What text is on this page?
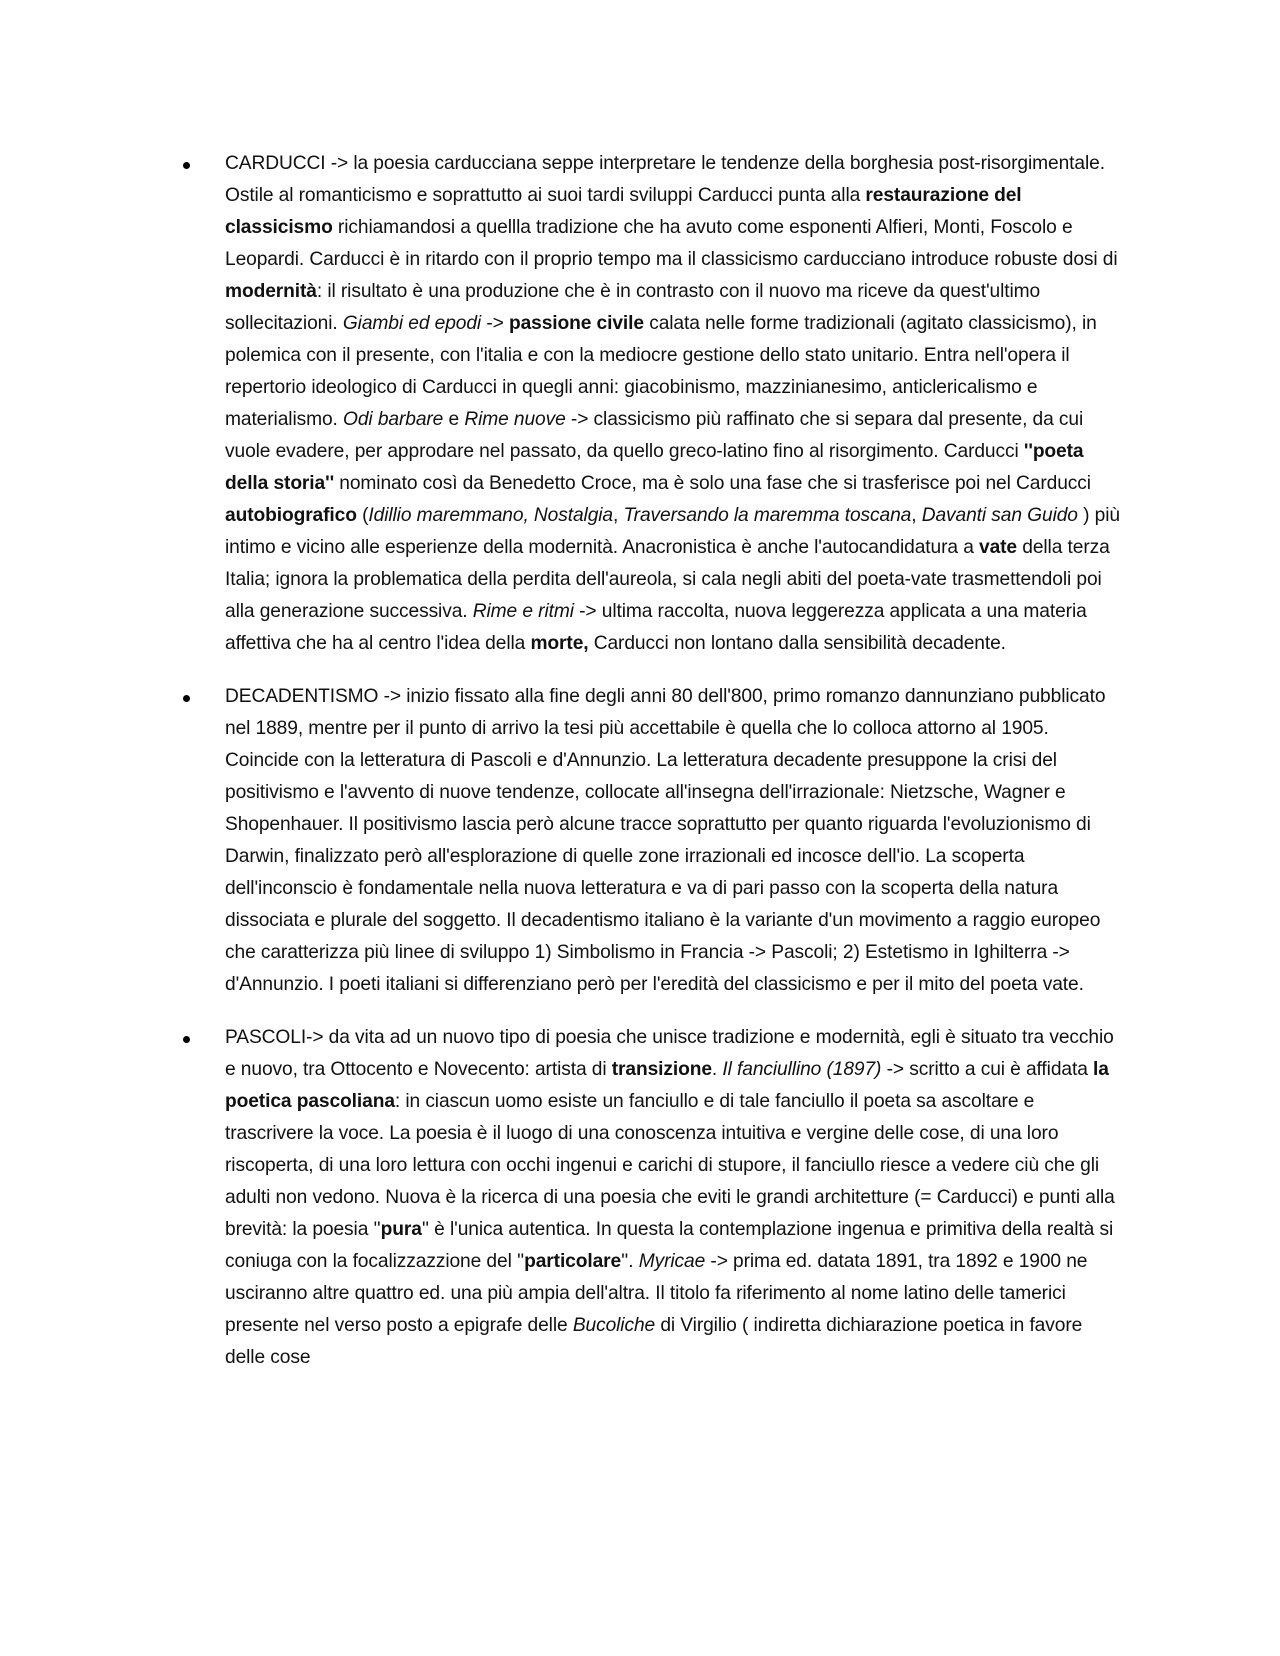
CARDUCCI -> la poesia carducciana seppe interpretare le tendenze della borghesia post-risorgimentale. Ostile al romanticismo e soprattutto ai suoi tardi sviluppi Carducci punta alla restaurazione del classicismo richiamandosi a quellla tradizione che ha avuto come esponenti Alfieri, Monti, Foscolo e Leopardi. Carducci è in ritardo con il proprio tempo ma il classicismo carducciano introduce robuste dosi di modernità: il risultato è una produzione che è in contrasto con il nuovo ma riceve da quest'ultimo sollecitazioni. Giambi ed epodi -> passione civile calata nelle forme tradizionali (agitato classicismo), in polemica con il presente, con l'italia e con la mediocre gestione dello stato unitario. Entra nell'opera il repertorio ideologico di Carducci in quegli anni: giacobinismo, mazzinianesimo, anticlericalismo e materialismo. Odi barbare e Rime nuove -> classicismo più raffinato che si separa dal presente, da cui vuole evadere, per approdare nel passato, da quello greco-latino fino al risorgimento. Carducci ''poeta della storia'' nominato così da Benedetto Croce, ma è solo una fase che si trasferisce poi nel Carducci autobiografico (Idillio maremmano, Nostalgia, Traversando la maremma toscana, Davanti san Guido ) più intimo e vicino alle esperienze della modernità. Anacronistica è anche l'autocandidatura a vate della terza Italia; ignora la problematica della perdita dell'aureola, si cala negli abiti del poeta-vate trasmettendoli poi alla generazione successiva. Rime e ritmi -> ultima raccolta, nuova leggerezza applicata a una materia affettiva che ha al centro l'idea della morte, Carducci non lontano dalla sensibilità decadente.
DECADENTISMO -> inizio fissato alla fine degli anni 80 dell'800, primo romanzo dannunziano pubblicato nel 1889, mentre per il punto di arrivo la tesi più accettabile è quella che lo colloca attorno al 1905. Coincide con la letteratura di Pascoli e d'Annunzio. La letteratura decadente presuppone la crisi del positivismo e l'avvento di nuove tendenze, collocate all'insegna dell'irrazionale: Nietzsche, Wagner e Shopenhauer. Il positivismo lascia però alcune tracce soprattutto per quanto riguarda l'evoluzionismo di Darwin, finalizzato però all'esplorazione di quelle zone irrazionali ed incosce dell'io. La scoperta dell'inconscio è fondamentale nella nuova letteratura e va di pari passo con la scoperta della natura dissociata e plurale del soggetto. Il decadentismo italiano è la variante d'un movimento a raggio europeo che caratterizza più linee di sviluppo 1) Simbolismo in Francia -> Pascoli; 2) Estetismo in Ighilterra -> d'Annunzio. I poeti italiani si differenziano però per l'eredità del classicismo e per il mito del poeta vate.
PASCOLI-> da vita ad un nuovo tipo di poesia che unisce tradizione e modernità, egli è situato tra vecchio e nuovo, tra Ottocento e Novecento: artista di transizione. Il fanciullino (1897) -> scritto a cui è affidata la poetica pascoliana: in ciascun uomo esiste un fanciullo e di tale fanciullo il poeta sa ascoltare e trascrivere la voce. La poesia è il luogo di una conoscenza intuitiva e vergine delle cose, di una loro riscoperta, di una loro lettura con occhi ingenui e carichi di stupore, il fanciullo riesce a vedere ciù che gli adulti non vedono. Nuova è la ricerca di una poesia che eviti le grandi architetture (= Carducci) e punti alla brevità: la poesia ''pura'' è l'unica autentica. In questa la contemplazione ingenua e primitiva della realtà si coniuga con la focalizzazzione del ''particolare''. Myricae -> prima ed. datata 1891, tra 1892 e 1900 ne usciranno altre quattro ed. una più ampia dell'altra. Il titolo fa riferimento al nome latino delle tamerici presente nel verso posto a epigrafe delle Bucoliche di Virgilio ( indiretta dichiarazione poetica in favore delle cose
